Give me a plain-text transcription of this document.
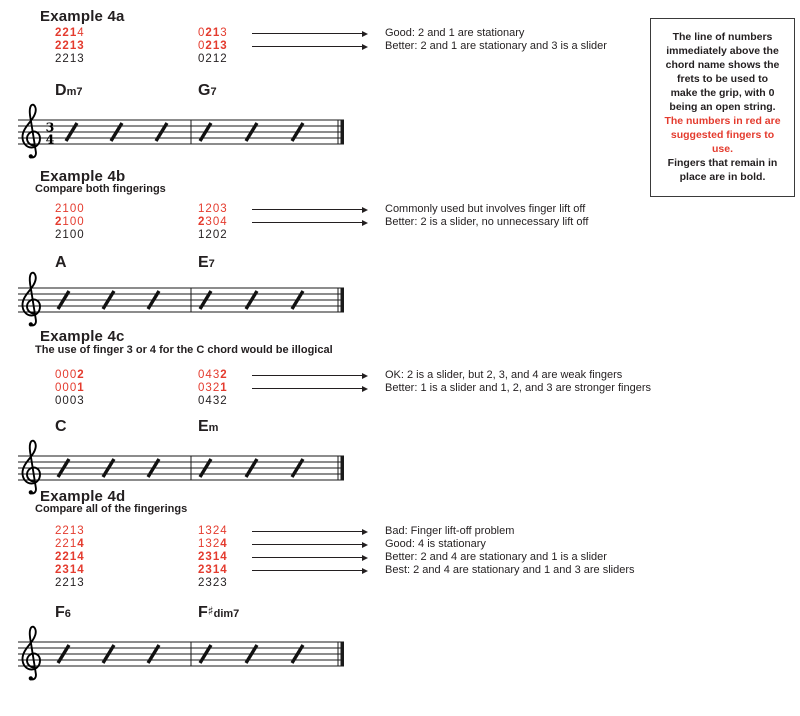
The line of numbers immediately above the chord name shows the frets to be used to make the grip, with 0 being an open string.
The numbers in red are suggested fingers to use.
Fingers that remain in place are in bold.
Example 4a
2214	0213	Good: 2 and 1 are stationary
2213	0213	Better: 2 and 1 are stationary and 3 is a slider
2213	0212
Dm7	G7
3
4
Example 4b
Compare both fingerings
2100	1203	Commonly used but involves finger lift off
2100	2304	Better: 2 is a slider, no unnecessary lift off
2100	1202
A	E7
Example 4c
The use of finger 3 or 4 for the C chord would be illogical
0002	0432	OK: 2 is a slider, but 2, 3, and 4 are weak fingers
0001	0321	Better: 1 is a slider and 1, 2, and 3 are stronger fingers
0003	0432
C	Em
Example 4d
Compare all of the fingerings
2213	1324	Bad: Finger lift-off problem
2214	1324	Good: 4 is stationary
2214	2314	Better: 2 and 4 are stationary and 1 is a slider
2314	2314	Best: 2 and 4 are stationary and 1 and 3 are sliders
2213	2323
F6	F♯dim7
